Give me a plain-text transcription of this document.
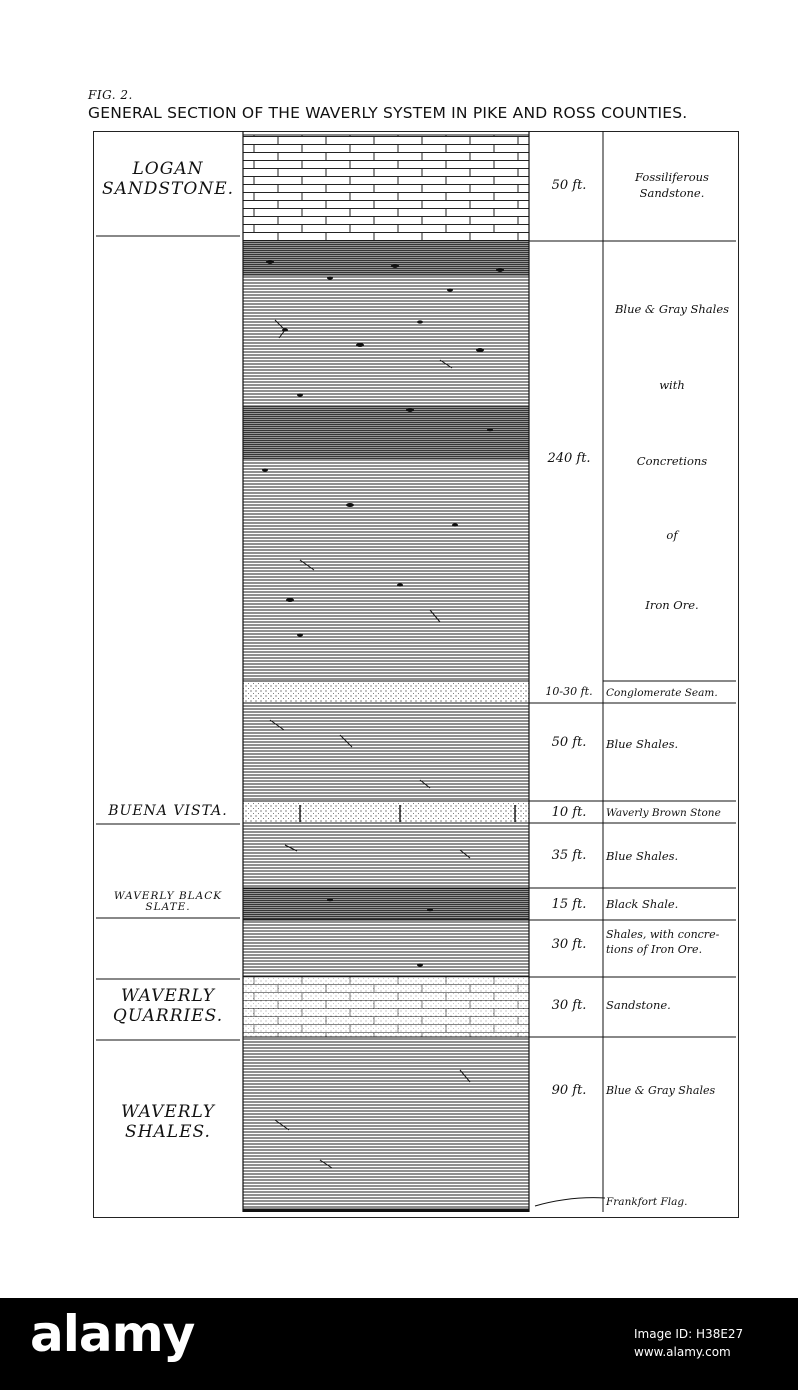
FIG. 2.
GENERAL SECTION OF THE WAVERLY SYSTEM IN PIKE AND ROSS COUNTIES.
LOGAN
SANDSTONE.
BUENA VISTA.
WAVERLY BLACK
SLATE.
WAVERLY
QUARRIES.
WAVERLY
SHALES.
50 ft.
240 ft.
10-30 ft.
50 ft.
10 ft.
35 ft.
15 ft.
30 ft.
30 ft.
90 ft.
Fossiliferous
Sandstone.
Blue & Gray Shales
with
Concretions
of
Iron Ore.
Conglomerate Seam.
Blue Shales.
Waverly Brown Stone
Blue Shales.
Black Shale.
Shales, with concre-
tions of Iron Ore.
Sandstone.
Blue & Gray Shales
Frankfort Flag.
alamy	Image ID: H38E27
www.alamy.com
